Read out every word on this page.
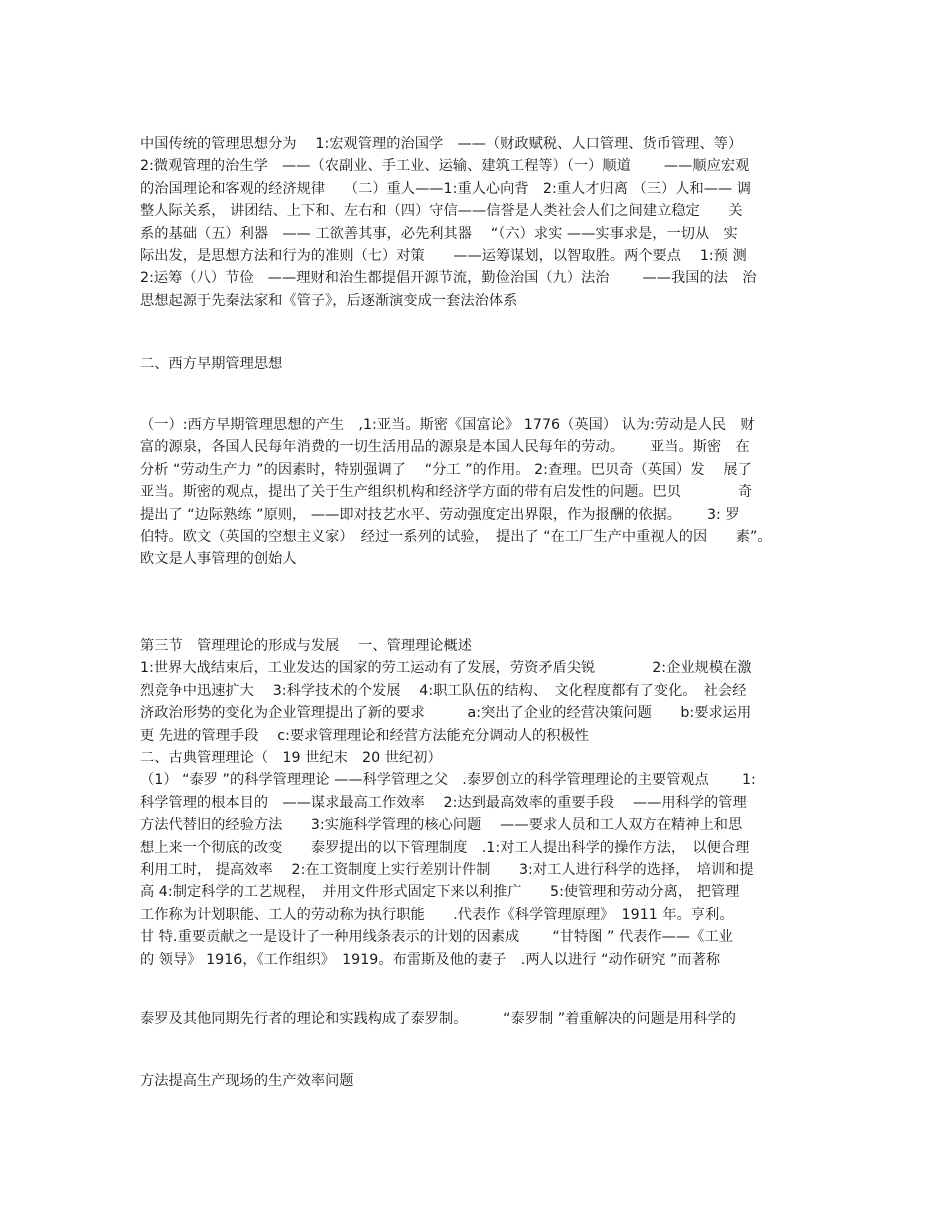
中国传统的管理思想分为　 1:宏观管理的治国学　——（财政赋税、人口管理、货币管理、等）
2:微观管理的治生学　——（农副业、手工业、运输、建筑工程等）（一）顺道　　 ——顺应宏观
的治国理论和客观的经济规律　 （二）重人——1:重人心向背　2:重人才归离 （三）人和—— 调
整人际关系， 讲团结、上下和、左右和（四）守信——信誉是人类社会人们之间建立稳定　　关
系的基础（五）利器　—— 工欲善其事，必先利其器　 “（六）求实 ——实事求是，一切从　实
际出发，是思想方法和行为的准则（七）对策　　——运筹谋划，以智取胜。两个要点　 1:预 测
2:运筹（八）节俭　——理财和治生都提倡开源节流，勤俭治国（九）法治　　 ——我国的法　治
思想起源于先秦法家和《管子》，后逐渐演变成一套法治体系
二、西方早期管理思想
（一）:西方早期管理思想的产生　,1:亚当。斯密《国富论》 1776（英国） 认为:劳动是人民　财
富的源泉，各国人民每年消费的一切生活用品的源泉是本国人民每年的劳动。　　 亚当。斯密　在
分析 “劳动生产力 ”的因素时，特别强调了　 “分工 ”的作用。 2:查理。巴贝奇（英国）发　 展了
亚当。斯密的观点，提出了关于生产组织机构和经济学方面的带有启发性的问题。巴贝　　　　奇
提出了 “边际熟练 ”原则， ——即对技艺水平、劳动强度定出界限，作为报酬的依据。　　 3: 罗
伯特。欧文（英国的空想主义家）　经过一系列的试验，　提出了 “在工厂生产中重视人的因　　素”。
欧文是人事管理的创始人
第三节　管理理论的形成与发展　 一、管理理论概述
1:世界大战结束后，工业发达的国家的劳工运动有了发展，劳资矛盾尖锐　　　　2:企业规模在激
烈竞争中迅速扩大　 3:科学技术的个发展　 4:职工队伍的结构、　文化程度都有了变化。　社会经
济政治形势的变化为企业管理提出了新的要求　　　a:突出了企业的经营决策问题　　b:要求运用
更 先进的管理手段　 c:要求管理理论和经营方法能充分调动人的积极性
二、古典管理理论（　19 世纪末　20 世纪初）
（1） “泰罗 ”的科学管理理论 ——科学管理之父　.泰罗创立的科学管理理论的主要管观点　　 1:
科学管理的根本目的　——谋求最高工作效率　 2:达到最高效率的重要手段　 ——用科学的管理
方法代替旧的经验方法　　3:实施科学管理的核心问题　 ——要求人员和工人双方在精神上和思
想上来一个彻底的改变　　泰罗提出的以下管理制度　.1:对工人提出科学的操作方法，　以便合理
利用工时， 提高效率　 2:在工资制度上实行差别计件制　　3:对工人进行科学的选择，　培训和提
高 4:制定科学的工艺规程，　并用文件形式固定下来以利推广　　5:使管理和劳动分离， 把管理
工作称为计划职能、工人的劳动称为执行职能　　.代表作《科学管理原理》　1911 年。亨利。
甘 特.重要贡献之一是设计了一种用线条表示的计划的因素成　　 “甘特图 ” 代表作——《工业
的 领导》 1916，《工作组织》　1919。布雷斯及他的妻子　.两人以进行 “动作研究 ”而著称
泰罗及其他同期先行者的理论和实践构成了泰罗制。　　　“泰罗制 ”着重解决的问题是用科学的
方法提高生产现场的生产效率问题
